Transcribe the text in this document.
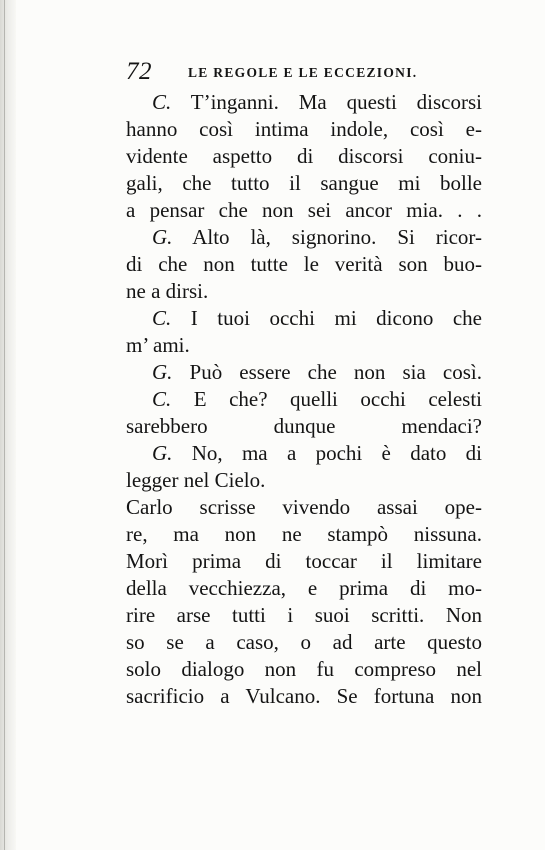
72	LE REGOLE E LE ECCEZIONI.
C. T’inganni. Ma questi discorsi
hanno così intima indole, così e-
vidente aspetto di discorsi coniu-
gali, che tutto il sangue mi bolle
a pensar che non sei ancor mia. . .
G. Alto là, signorino. Si ricor-
di che non tutte le verità son buo-
ne a dirsi.
C. I tuoi occhi mi dicono che
m’ ami.
G. Può essere che non sia così.
C. E che? quelli occhi celesti
sarebbero dunque mendaci?
G. No, ma a pochi è dato di
legger nel Cielo.
Carlo scrisse vivendo assai ope-
re, ma non ne stampò nissuna.
Morì prima di toccar il limitare
della vecchiezza, e prima di mo-
rire arse tutti i suoi scritti. Non
so se a caso, o ad arte questo
solo dialogo non fu compreso nel
sacrificio a Vulcano. Se fortuna non
